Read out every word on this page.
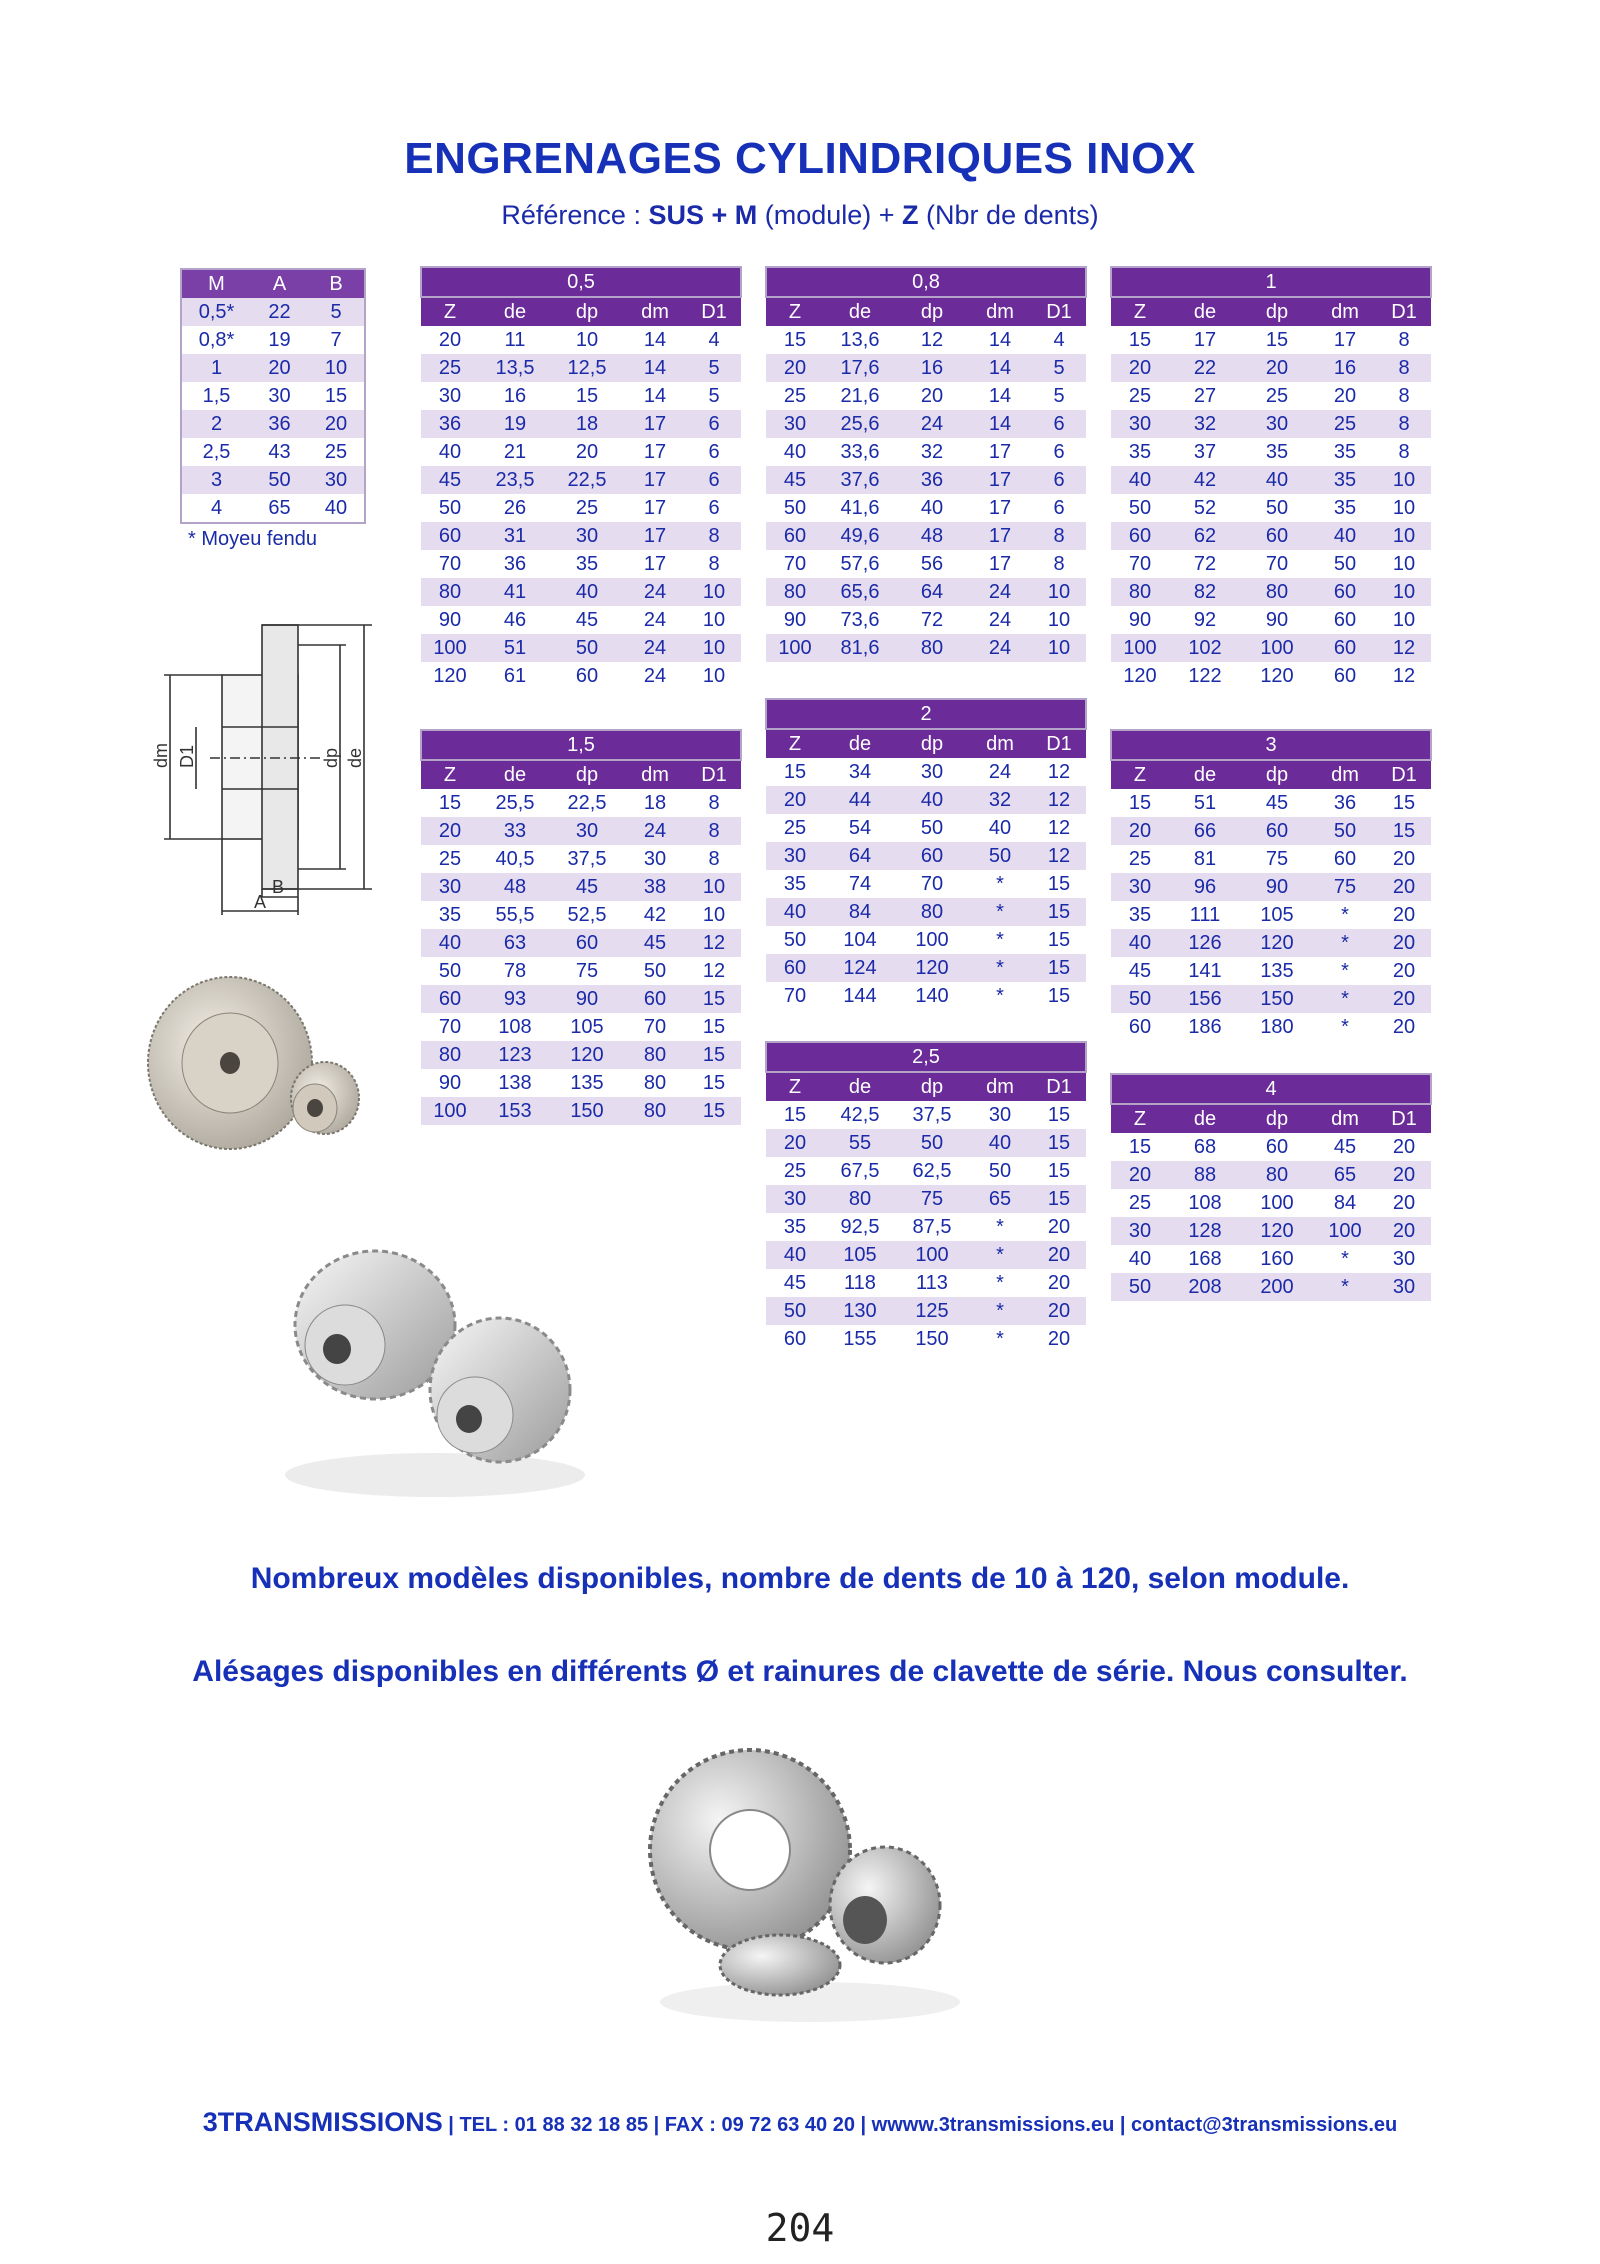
ENGRENAGES CYLINDRIQUES INOX
Référence : SUS + M (module) + Z (Nbr de dents)
M	A	B
0,5*	22	5
0,8*	19	7
1	20	10
1,5	30	15
2	36	20
2,5	43	25
3	50	30
4	65	40
* Moyeu fendu
0,5				
Z	de	dp	dm	D1
20	11	10	14	4
25	13,5	12,5	14	5
30	16	15	14	5
36	19	18	17	6
40	21	20	17	6
45	23,5	22,5	17	6
50	26	25	17	6
60	31	30	17	8
70	36	35	17	8
80	41	40	24	10
90	46	45	24	10
100	51	50	24	10
120	61	60	24	10
0,8				
Z	de	dp	dm	D1
15	13,6	12	14	4
20	17,6	16	14	5
25	21,6	20	14	5
30	25,6	24	14	6
40	33,6	32	17	6
45	37,6	36	17	6
50	41,6	40	17	6
60	49,6	48	17	8
70	57,6	56	17	8
80	65,6	64	24	10
90	73,6	72	24	10
100	81,6	80	24	10
1				
Z	de	dp	dm	D1
15	17	15	17	8
20	22	20	16	8
25	27	25	20	8
30	32	30	25	8
35	37	35	35	8
40	42	40	35	10
50	52	50	35	10
60	62	60	40	10
70	72	70	50	10
80	82	80	60	10
90	92	90	60	10
100	102	100	60	12
120	122	120	60	12
1,5				
Z	de	dp	dm	D1
15	25,5	22,5	18	8
20	33	30	24	8
25	40,5	37,5	30	8
30	48	45	38	10
35	55,5	52,5	42	10
40	63	60	45	12
50	78	75	50	12
60	93	90	60	15
70	108	105	70	15
80	123	120	80	15
90	138	135	80	15
100	153	150	80	15
2				
Z	de	dp	dm	D1
15	34	30	24	12
20	44	40	32	12
25	54	50	40	12
30	64	60	50	12
35	74	70	*	15
40	84	80	*	15
50	104	100	*	15
60	124	120	*	15
70	144	140	*	15
3				
Z	de	dp	dm	D1
15	51	45	36	15
20	66	60	50	15
25	81	75	60	20
30	96	90	75	20
35	111	105	*	20
40	126	120	*	20
45	141	135	*	20
50	156	150	*	20
60	186	180	*	20
2,5				
Z	de	dp	dm	D1
15	42,5	37,5	30	15
20	55	50	40	15
25	67,5	62,5	50	15
30	80	75	65	15
35	92,5	87,5	*	20
40	105	100	*	20
45	118	113	*	20
50	130	125	*	20
60	155	150	*	20
4				
Z	de	dp	dm	D1
15	68	60	45	20
20	88	80	65	20
25	108	100	84	20
30	128	120	100	20
40	168	160	*	30
50	208	200	*	30
dm D1	dp de
B
A
Nombreux modèles disponibles, nombre de dents de 10 à 120, selon module.
Alésages disponibles en différents Ø et rainures de clavette de série. Nous consulter.
3TRANSMISSIONS | TEL : 01 88 32 18 85 | FAX : 09 72 63 40 20 | wwww.3transmissions.eu | contact@3transmissions.eu
204
